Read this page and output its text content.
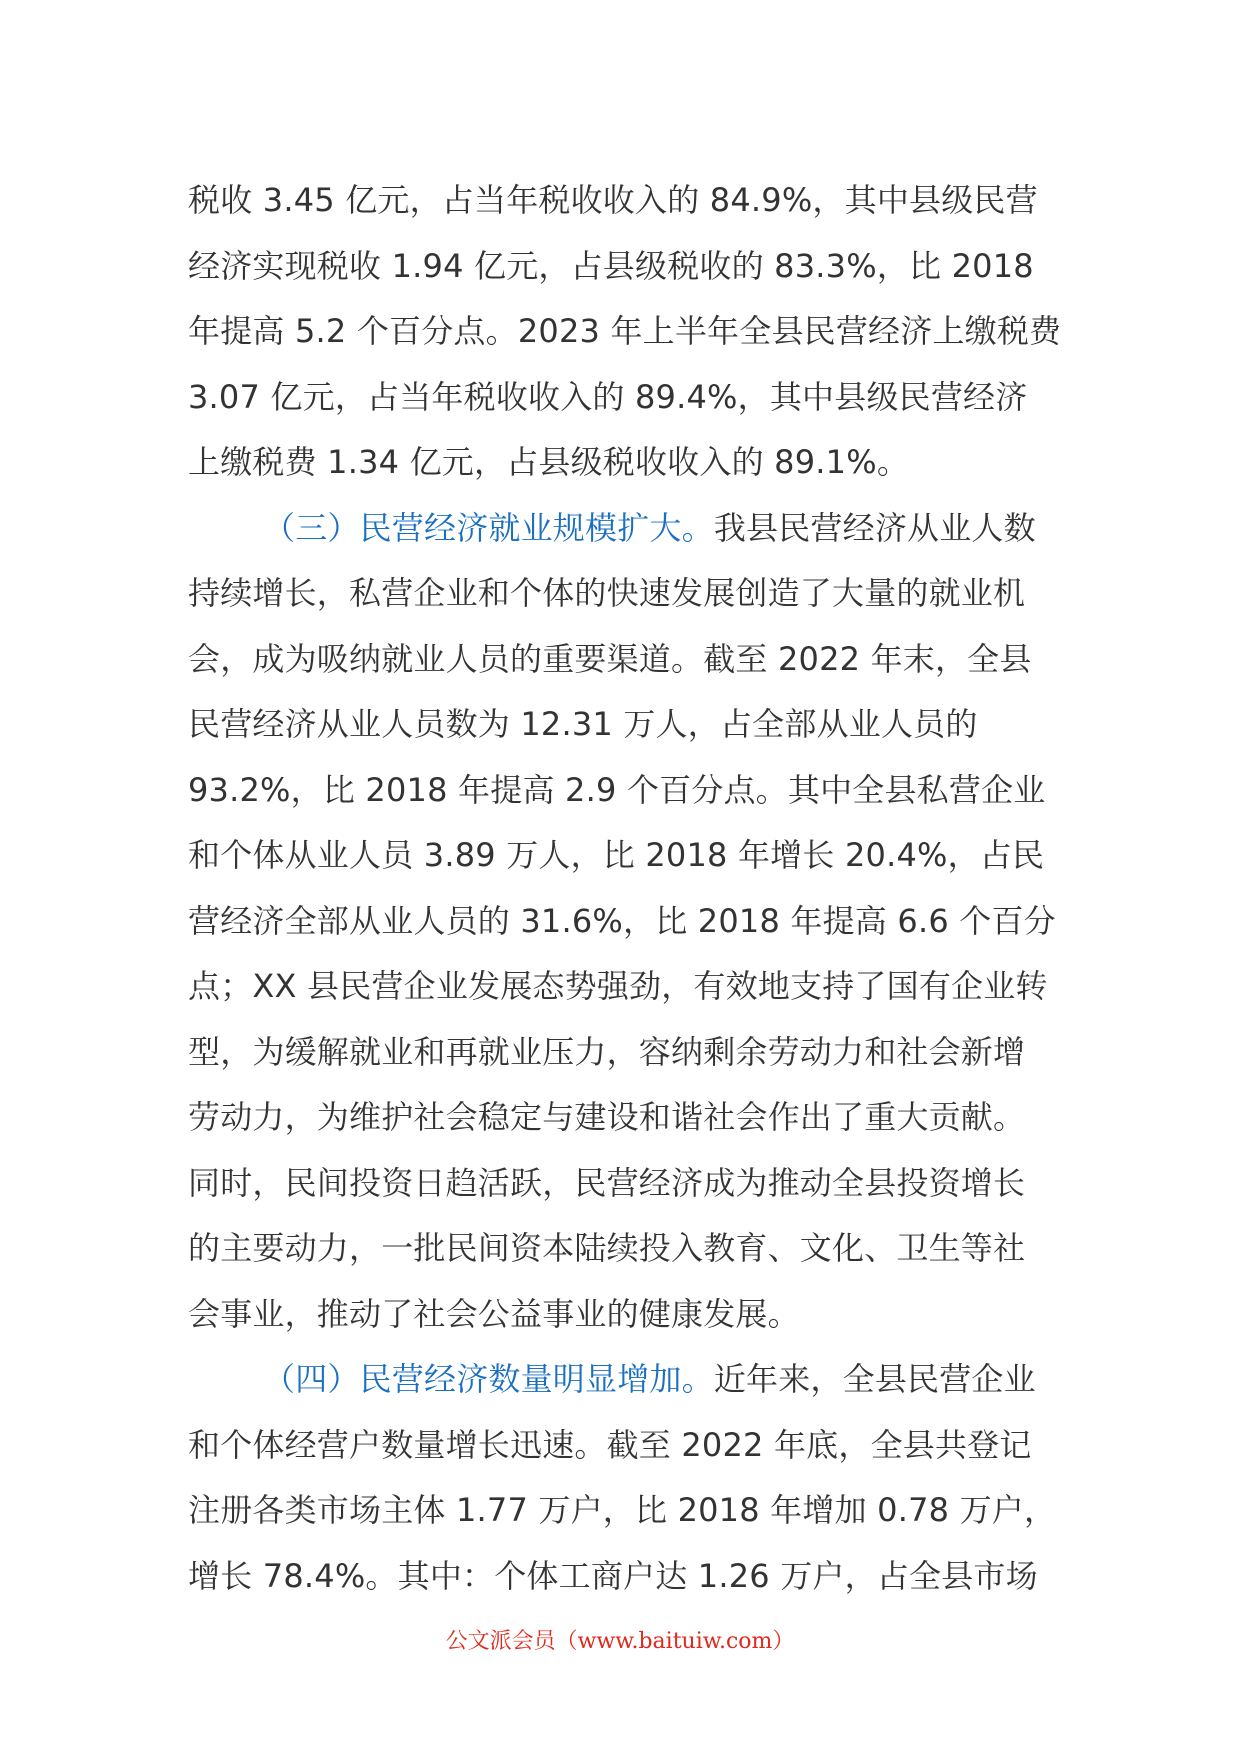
税收 3.45 亿元，占当年税收收入的 84.9%，其中县级民营
经济实现税收 1.94 亿元，占县级税收的 83.3%，比 2018
年提高 5.2 个百分点。2023 年上半年全县民营经济上缴税费
3.07 亿元，占当年税收收入的 89.4%，其中县级民营经济
上缴税费 1.34 亿元，占县级税收收入的 89.1%。
（三）民营经济就业规模扩大。我县民营经济从业人数
持续增长，私营企业和个体的快速发展创造了大量的就业机
会，成为吸纳就业人员的重要渠道。截至 2022 年末，全县
民营经济从业人员数为 12.31 万人，占全部从业人员的
93.2%，比 2018 年提高 2.9 个百分点。其中全县私营企业
和个体从业人员 3.89 万人，比 2018 年增长 20.4%，占民
营经济全部从业人员的 31.6%，比 2018 年提高 6.6 个百分
点；XX 县民营企业发展态势强劲，有效地支持了国有企业转
型，为缓解就业和再就业压力，容纳剩余劳动力和社会新增
劳动力，为维护社会稳定与建设和谐社会作出了重大贡献。
同时，民间投资日趋活跃，民营经济成为推动全县投资增长
的主要动力，一批民间资本陆续投入教育、文化、卫生等社
会事业，推动了社会公益事业的健康发展。
（四）民营经济数量明显增加。近年来，全县民营企业
和个体经营户数量增长迅速。截至 2022 年底，全县共登记
注册各类市场主体 1.77 万户，比 2018 年增加 0.78 万户，
增长 78.4%。其中：个体工商户达 1.26 万户，占全县市场
公文派会员（www.baituiw.com）
